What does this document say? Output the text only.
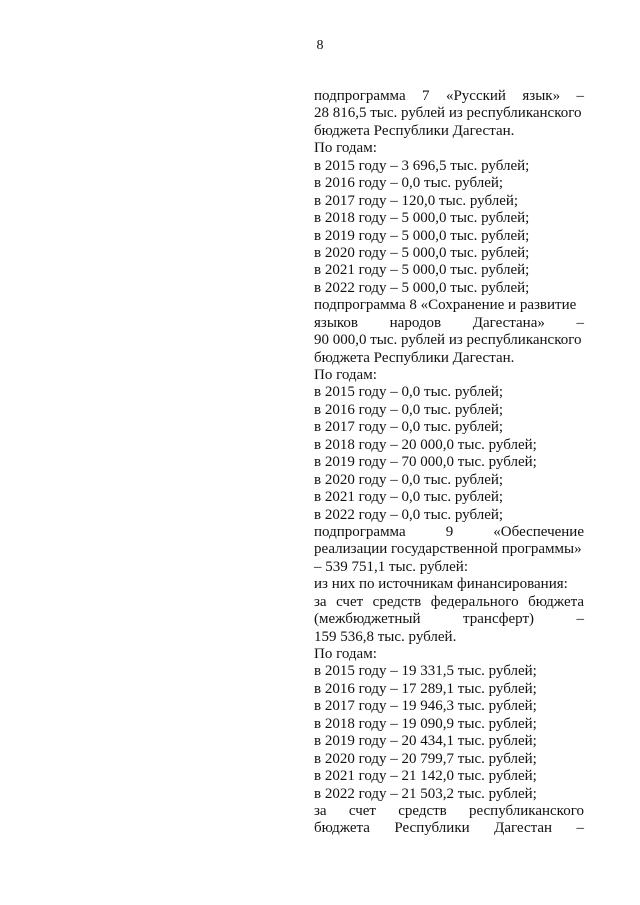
8
подпрограмма 7 «Русский язык» –
28 816,5 тыс. рублей из республиканского
бюджета Республики Дагестан.
По годам:
в 2015 году – 3 696,5 тыс. рублей;
в 2016 году – 0,0 тыс. рублей;
в 2017 году – 120,0 тыс. рублей;
в 2018 году – 5 000,0 тыс. рублей;
в 2019 году – 5 000,0 тыс. рублей;
в 2020 году – 5 000,0 тыс. рублей;
в 2021 году – 5 000,0 тыс. рублей;
в 2022 году – 5 000,0 тыс. рублей;
подпрограмма 8 «Сохранение и развитие
языков народов Дагестана» –
90 000,0 тыс. рублей из республиканского
бюджета Республики Дагестан.
По годам:
в 2015 году – 0,0 тыс. рублей;
в 2016 году – 0,0 тыс. рублей;
в 2017 году – 0,0 тыс. рублей;
в 2018 году – 20 000,0 тыс. рублей;
в 2019 году – 70 000,0 тыс. рублей;
в 2020 году – 0,0 тыс. рублей;
в 2021 году – 0,0 тыс. рублей;
в 2022 году – 0,0 тыс. рублей;
подпрограмма 9 «Обеспечение
реализации государственной программы»
– 539 751,1 тыс. рублей:
из них по источникам финансирования:
за счет средств федерального бюджета
(межбюджетный трансферт) –
159 536,8 тыс. рублей.
По годам:
в 2015 году – 19 331,5 тыс. рублей;
в 2016 году – 17 289,1 тыс. рублей;
в 2017 году – 19 946,3 тыс. рублей;
в 2018 году – 19 090,9 тыс. рублей;
в 2019 году – 20 434,1 тыс. рублей;
в 2020 году – 20 799,7 тыс. рублей;
в 2021 году – 21 142,0 тыс. рублей;
в 2022 году – 21 503,2 тыс. рублей;
за счет средств республиканского
бюджета Республики Дагестан –
